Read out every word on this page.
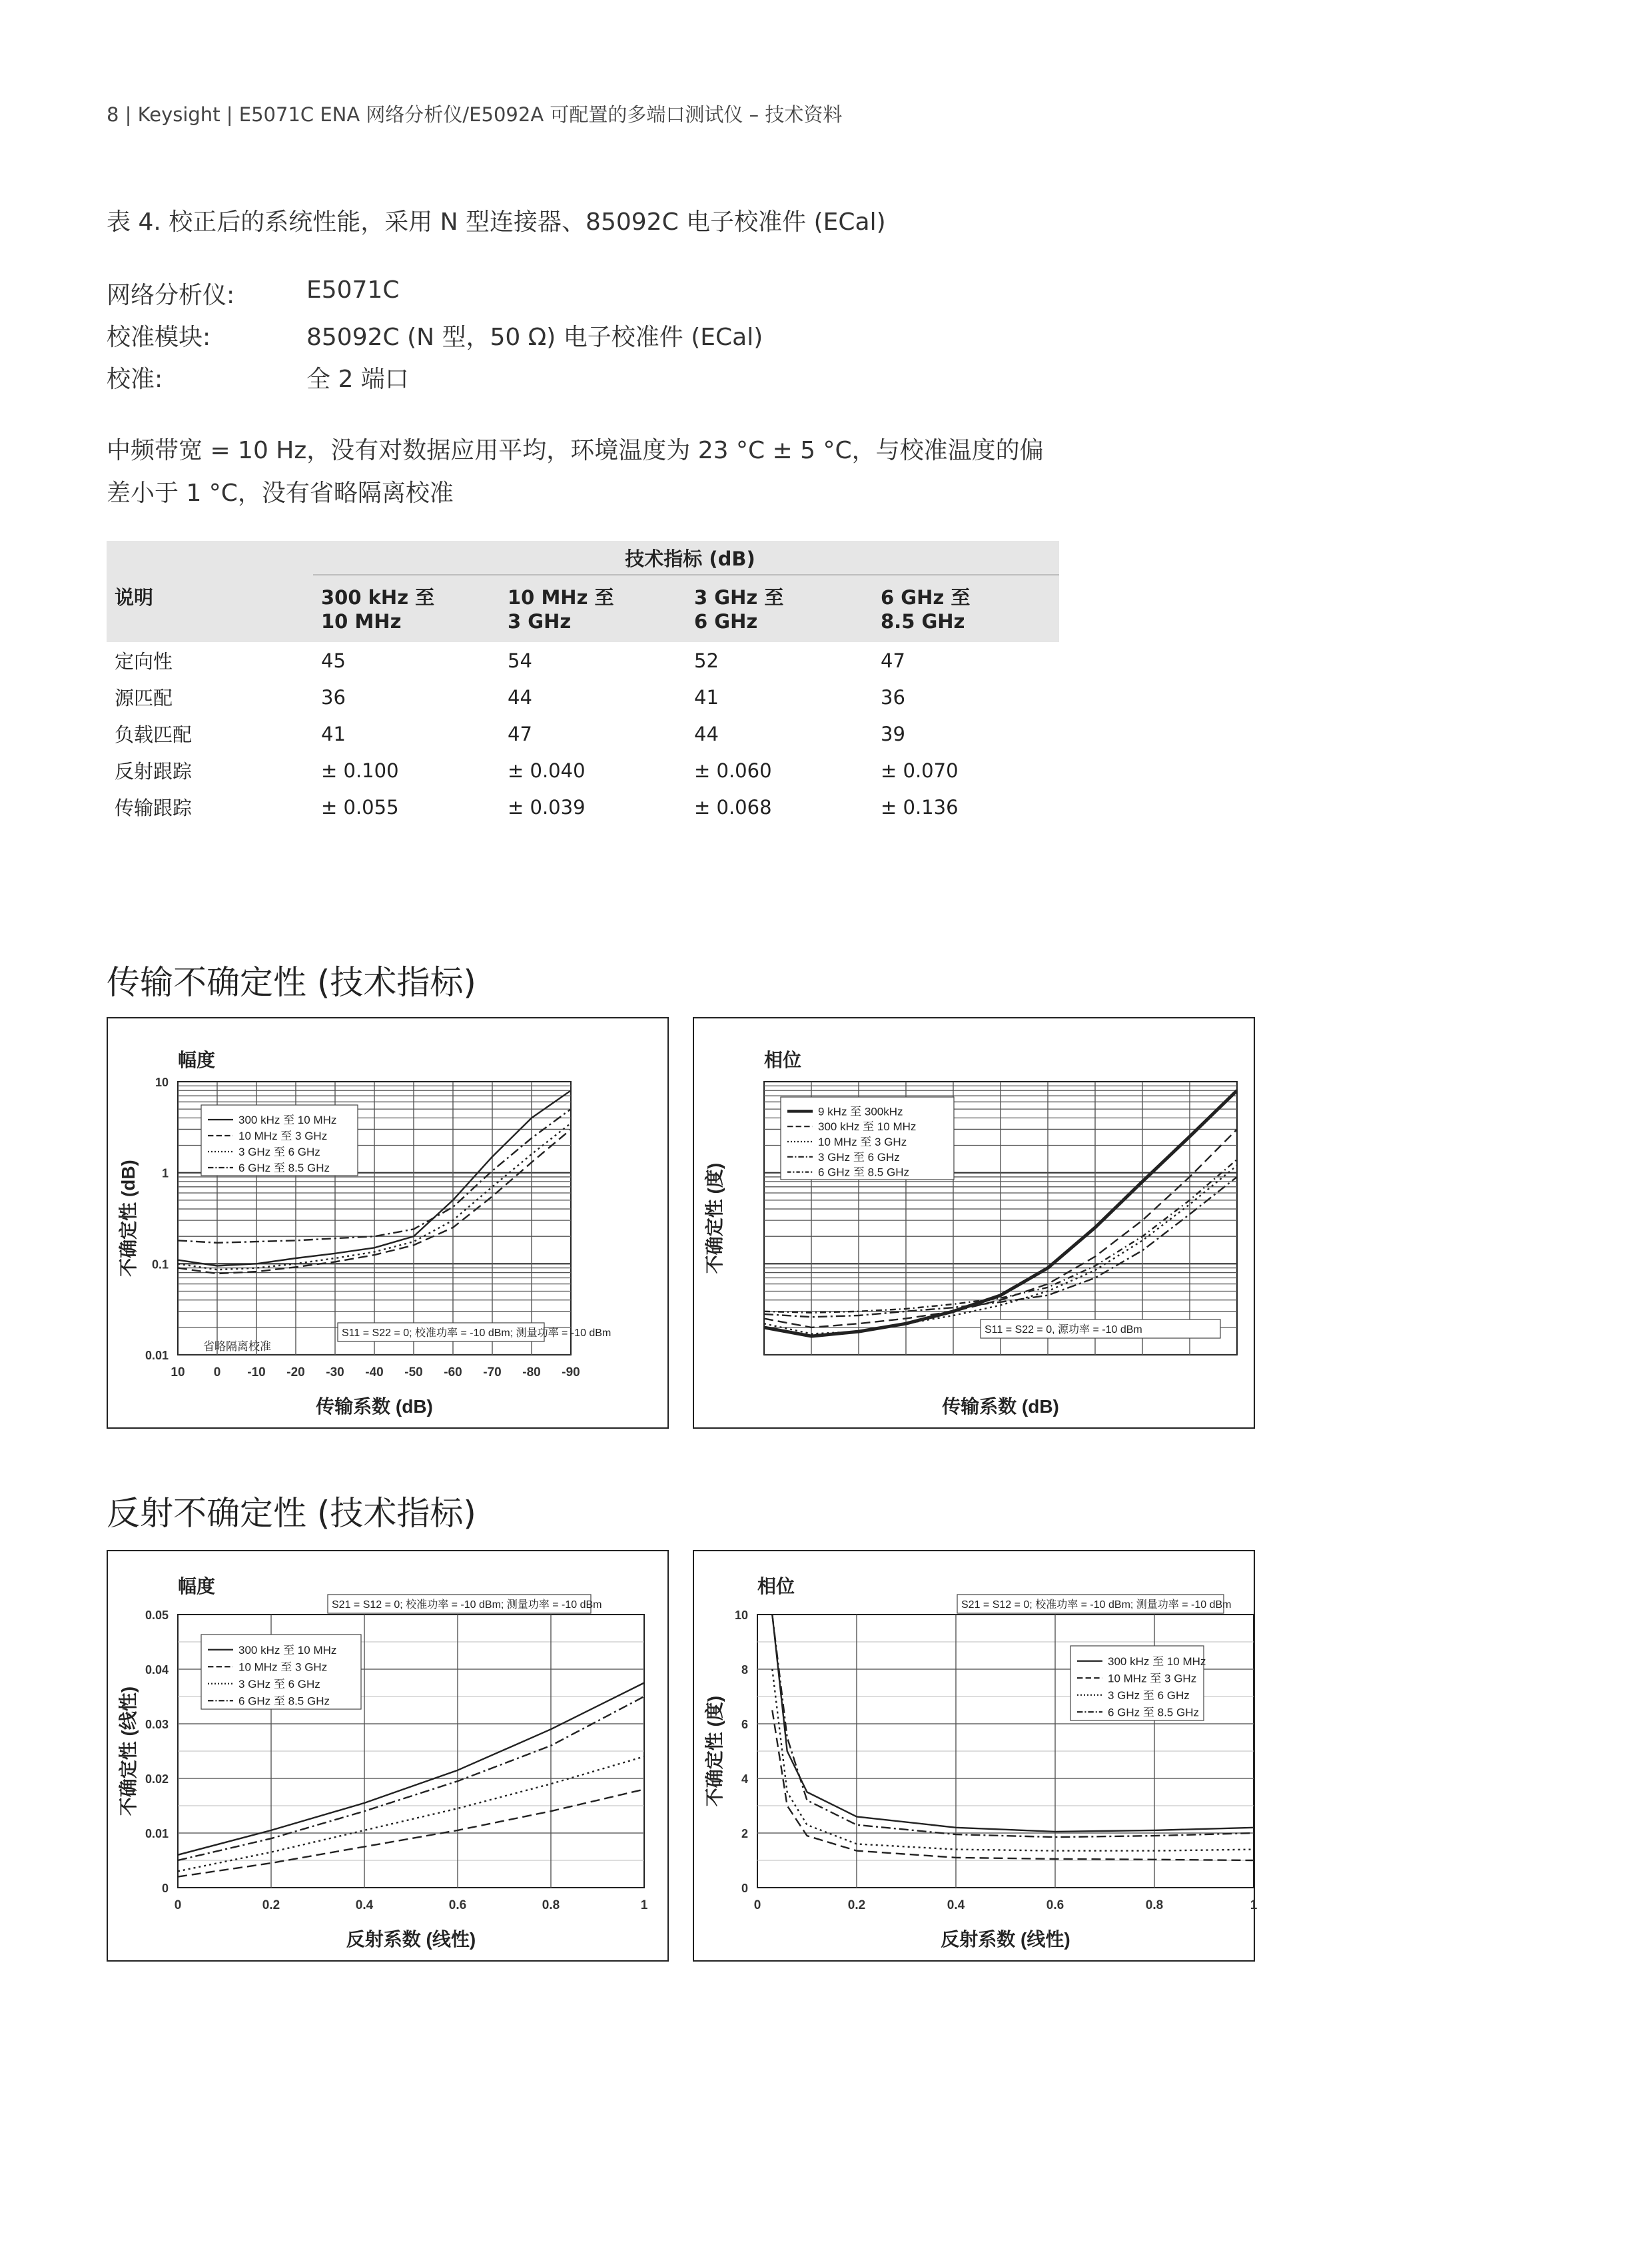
8 | Keysight | E5071C ENA 网络分析仪/E5092A 可配置的多端口测试仪 – 技术资料
表 4. 校正后的系统性能，采用 N 型连接器、85092C 电子校准件 (ECal)
网络分析仪:	E5071C
校准模块:	85092C (N 型，50 Ω) 电子校准件 (ECal)
校准:	全 2 端口
中频带宽 = 10 Hz，没有对数据应用平均，环境温度为 23 °C ± 5 °C，与校准温度的偏差小于 1 °C，没有省略隔离校准
	技术指标 (dB)			
说明	300 kHz 至	10 MHz 至	3 GHz 至	6 GHz 至
	10 MHz	3 GHz	6 GHz	8.5 GHz
定向性	45	54	52	47
源匹配	36	44	41	36
负载匹配	41	47	44	39
反射跟踪	± 0.100	± 0.040	± 0.060	± 0.070
传输跟踪	± 0.055	± 0.039	± 0.068	± 0.136
传输不确定性 (技术指标)
10 0 -10 -20 -30 -40 -50 -60 -70 -80 -90
10
1
0.1
0.01
幅度
传输系数 (dB)
不确定性 (dB)
300 kHz 至 10 MHz
10 MHz 至 3 GHz
3 GHz 至 6 GHz
6 GHz 至 8.5 GHz
S11 = S22 = 0; 校准功率 = -10 dBm; 测量功率 = -10 dBm
省略隔离校准
相位
传输系数 (dB)
不确定性 (度)
9 kHz 至 300kHz
300 kHz 至 10 MHz
10 MHz 至 3 GHz
3 GHz 至 6 GHz
6 GHz 至 8.5 GHz
S11 = S22 = 0, 源功率 = -10 dBm
反射不确定性 (技术指标)
0	0.2	0.4	0.6	0.8	1
0
0.01
0.02
0.03
0.04
0.05
幅度
反射系数 (线性)
不确定性 (线性)
300 kHz 至 10 MHz
10 MHz 至 3 GHz
3 GHz 至 6 GHz
6 GHz 至 8.5 GHz
S21 = S12 = 0; 校准功率 = -10 dBm; 测量功率 = -10 dBm
0	0.2	0.4	0.6	0.8	1
0
2
4
6
8
10
相位
反射系数 (线性)
不确定性 (度)
300 kHz 至 10 MHz
10 MHz 至 3 GHz
3 GHz 至 6 GHz
6 GHz 至 8.5 GHz
S21 = S12 = 0; 校准功率 = -10 dBm; 测量功率 = -10 dBm
